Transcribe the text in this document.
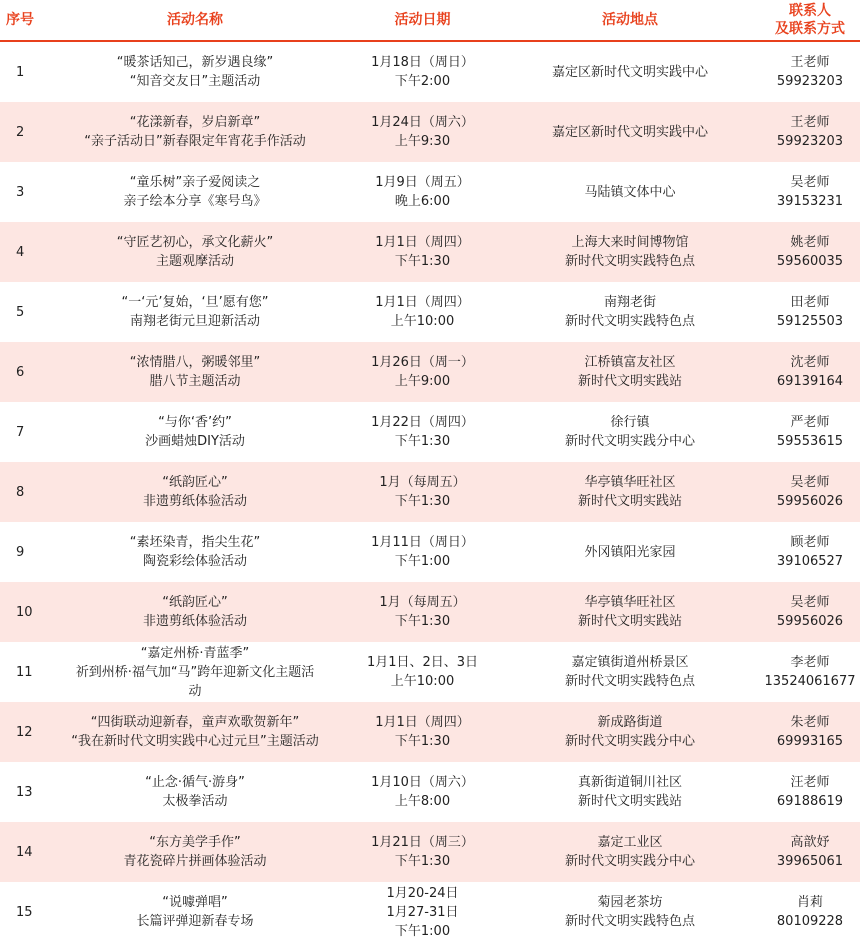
序号	活动名称	活动日期	活动地点	联系人
及联系方式

1	“暖茶话知己，新岁遇良缘”
“知音交友日”主题活动	1月18日（周日）
下午2:00	嘉定区新时代文明实践中心	王老师
59923203

2	“花漾新春，岁启新章”
“亲子活动日”新春限定年宵花手作活动	1月24日（周六）
上午9:30	嘉定区新时代文明实践中心	王老师
59923203

3	“童乐树”亲子爱阅读之
亲子绘本分享《寒号鸟》	1月9日（周五）
晚上6:00	马陆镇文体中心	吴老师
39153231

4	“守匠艺初心，承文化薪火”
主题观摩活动	1月1日（周四）
下午1:30	上海大来时间博物馆
新时代文明实践特色点	姚老师
59560035

5	“一‘元’复始，‘旦’愿有您”
南翔老街元旦迎新活动	1月1日（周四）
上午10:00	南翔老街
新时代文明实践特色点	田老师
59125503

6	“浓情腊八，粥暖邻里”
腊八节主题活动	1月26日（周一）
上午9:00	江桥镇富友社区
新时代文明实践站	沈老师
69139164

7	“与你‘香’约”
沙画蜡烛DIY活动	1月22日（周四）
下午1:30	徐行镇
新时代文明实践分中心	严老师
59553615

8	“纸韵匠心”
非遗剪纸体验活动	1月（每周五）
下午1:30	华亭镇华旺社区
新时代文明实践站	吴老师
59956026

9	“素坯染青，指尖生花”
陶瓷彩绘体验活动	1月11日（周日）
下午1:00	外冈镇阳光家园	顾老师
39106527

10	“纸韵匠心”
非遗剪纸体验活动	1月（每周五）
下午1:30	华亭镇华旺社区
新时代文明实践站	吴老师
59956026

11	“嘉定州桥·青蓝季”
祈到州桥·福气加“马”跨年迎新文化主题活
动	1月1日、2日、3日
上午10:00	嘉定镇街道州桥景区
新时代文明实践特色点	李老师
13524061677

12	“四街联动迎新春，童声欢歌贺新年”
“我在新时代文明实践中心过元旦”主题活动	1月1日（周四）
下午1:30	新成路街道
新时代文明实践分中心	朱老师
69993165

13	“止念·循气·游身”
太极拳活动	1月10日（周六）
上午8:00	真新街道铜川社区
新时代文明实践站	汪老师
69188619

14	“东方美学手作”
青花瓷碎片拼画体验活动	1月21日（周三）
下午1:30	嘉定工业区
新时代文明实践分中心	高歆妤
39965061

15	“说噱弹唱”
长篇评弹迎新春专场	1月20-24日
1月27-31日
下午1:00	菊园老茶坊
新时代文明实践特色点	肖莉
80109228
